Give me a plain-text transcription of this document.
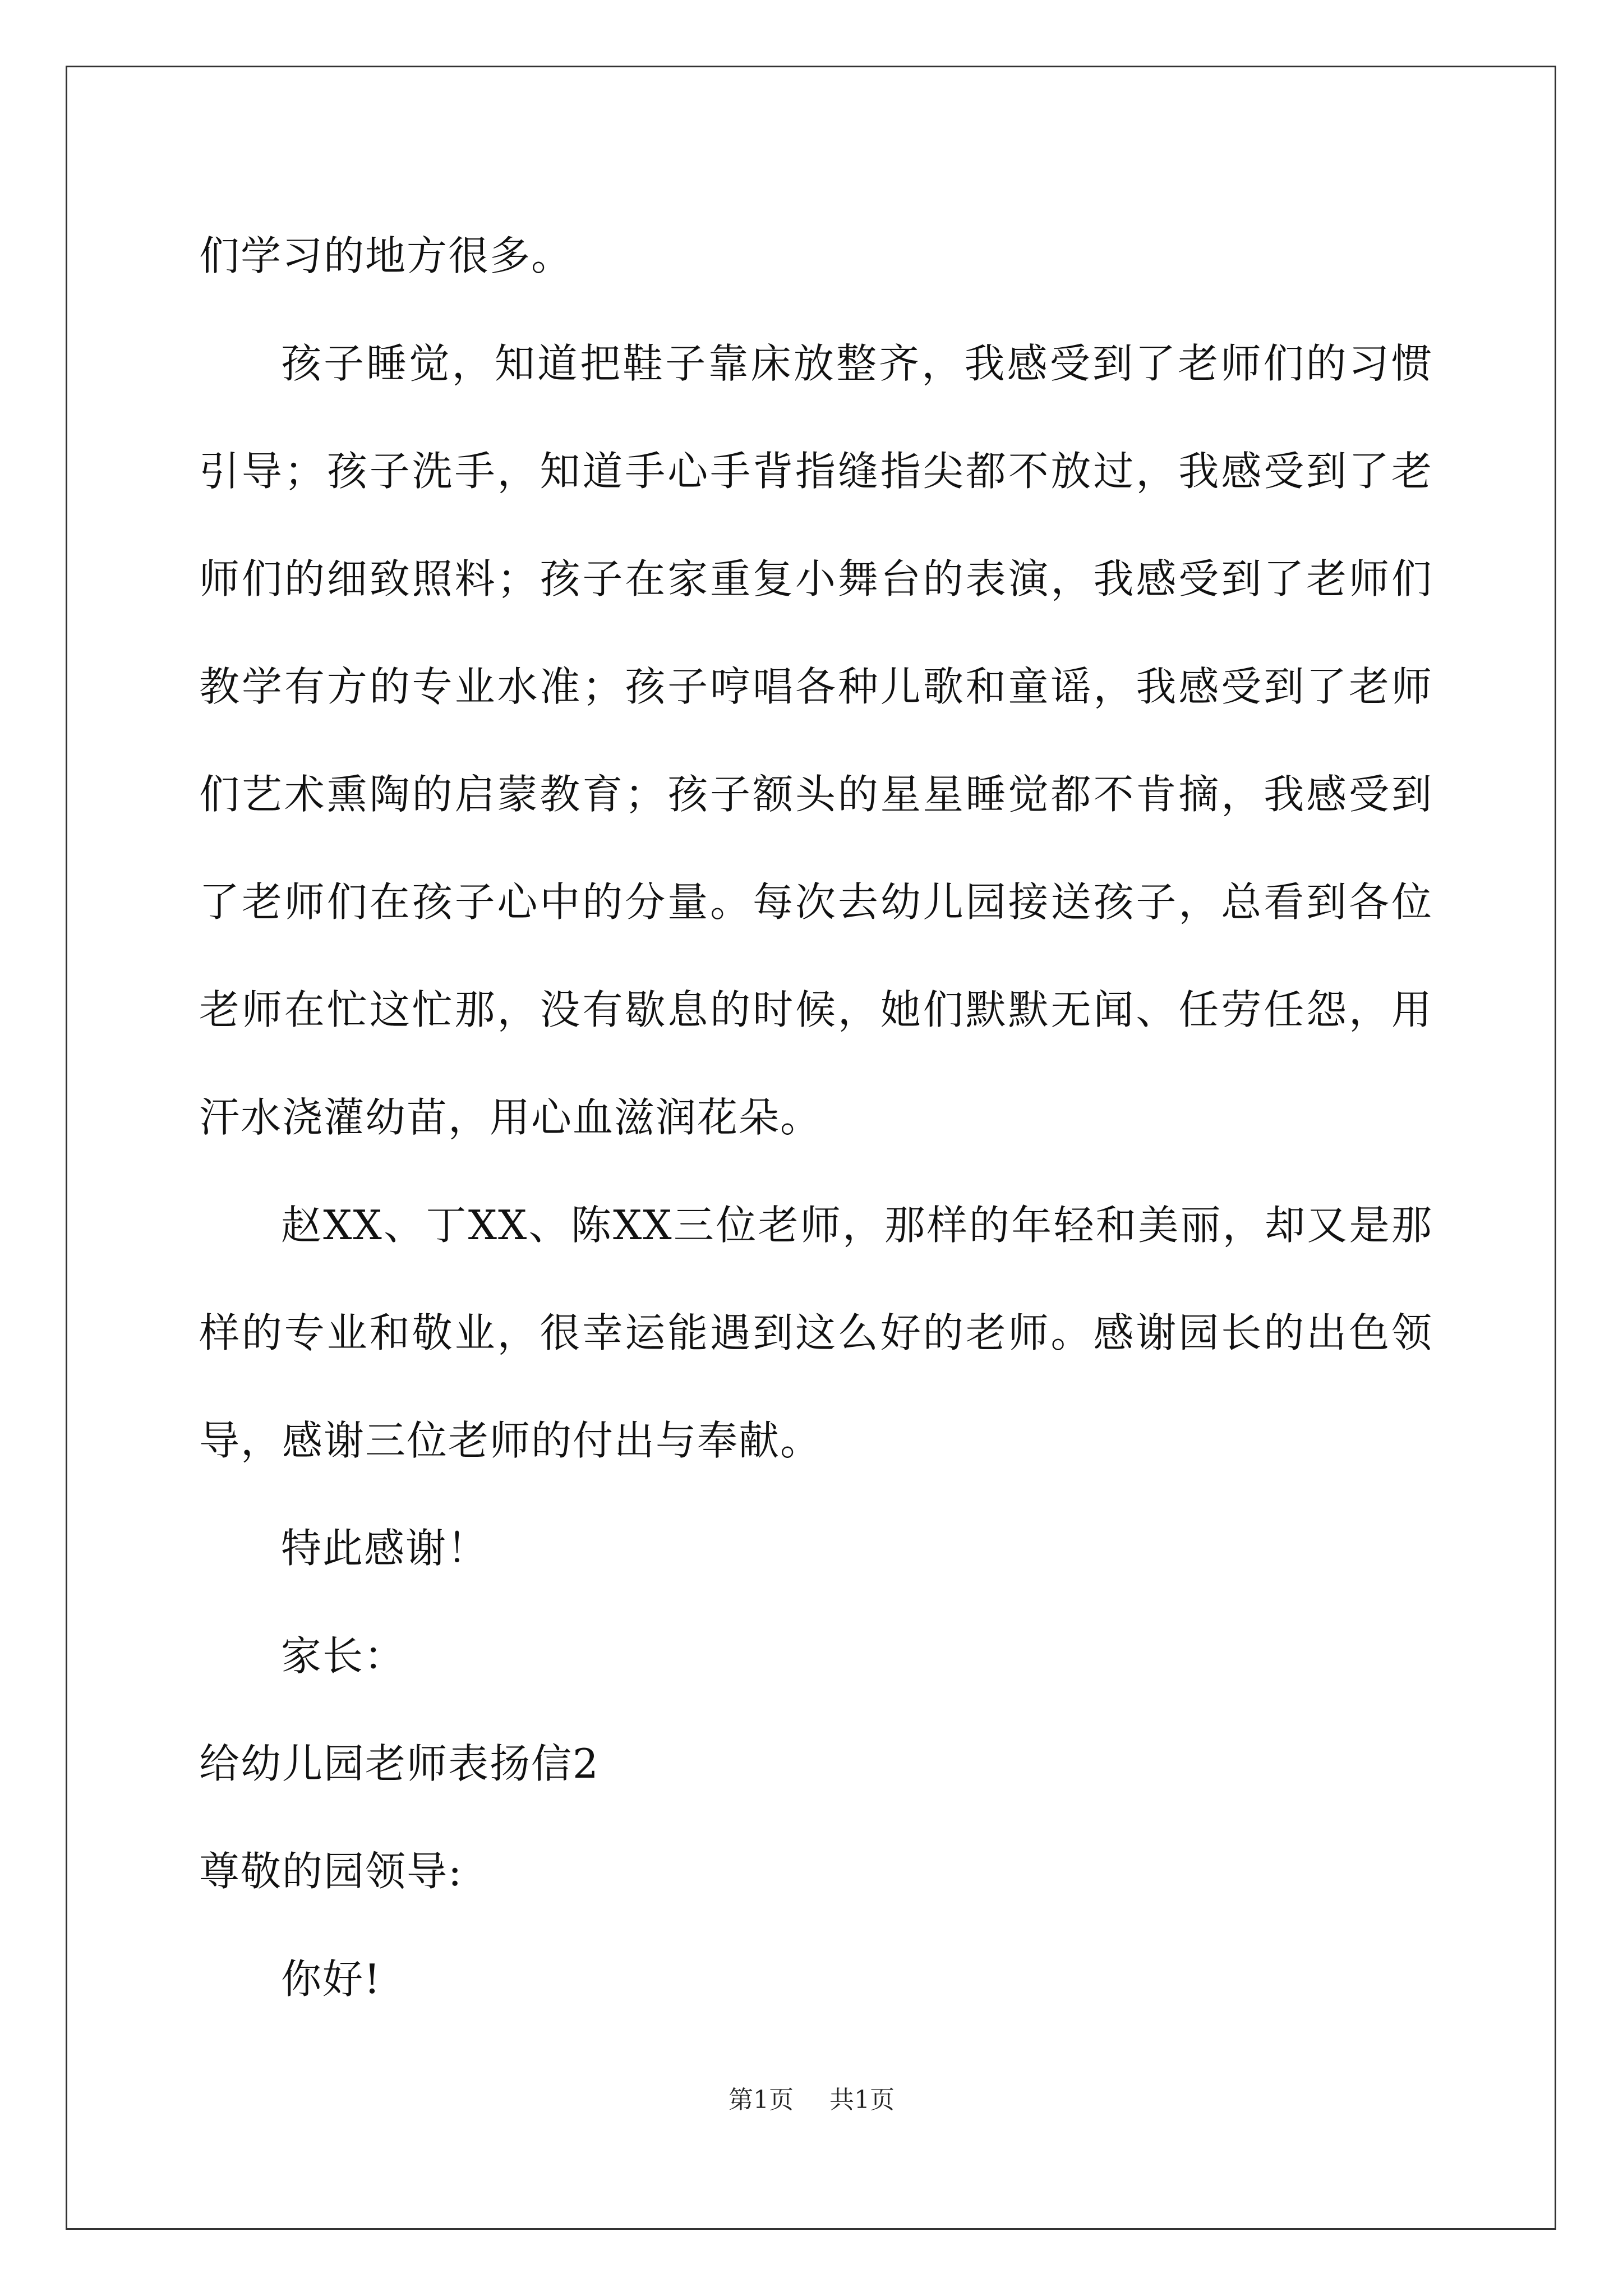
们学习的地方很多。

孩子睡觉，知道把鞋子靠床放整齐，我感受到了老师们的习惯引导；孩子洗手，知道手心手背指缝指尖都不放过，我感受到了老师们的细致照料；孩子在家重复小舞台的表演，我感受到了老师们教学有方的专业水准；孩子哼唱各种儿歌和童谣，我感受到了老师们艺术熏陶的启蒙教育；孩子额头的星星睡觉都不肯摘，我感受到了老师们在孩子心中的分量。每次去幼儿园接送孩子，总看到各位老师在忙这忙那，没有歇息的时候，她们默默无闻、任劳任怨，用汗水浇灌幼苗，用心血滋润花朵。

赵XX、丁XX、陈XX三位老师，那样的年轻和美丽，却又是那样的专业和敬业，很幸运能遇到这么好的老师。感谢园长的出色领导，感谢三位老师的付出与奉献。

特此感谢！

家长：

给幼儿园老师表扬信2

尊敬的园领导:

你好!

第1页 共1页
